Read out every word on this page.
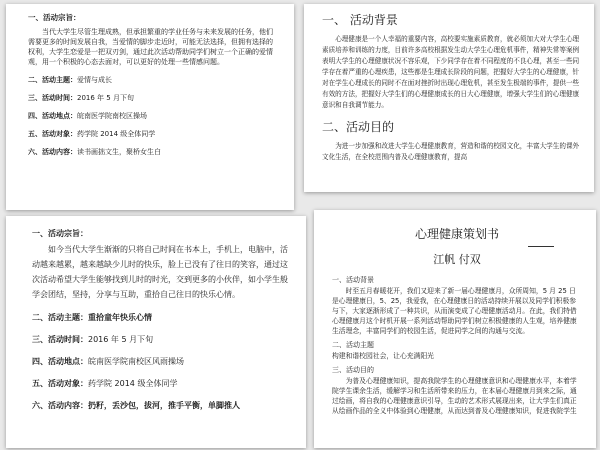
一、活动宗旨：

当代大学生尽管生理成熟，但承担繁重的学业任务与未来发展的任务，他们需要更多的时间发展自我，当爱情的脚步走近时，可能无法选择，但拥有选择的权利，大学生恋爱是一把双刃剑，通过此次活动帮助同学们树立一个正确的爱情观，用一个积极的心态去面对，可以更好的处理一些情感问题。

二、活动主题：爱情与成长

三、活动时间：2016 年 5 月下旬

四、活动地点：皖南医学院南校区操场

五、活动对象：药学院 2014 级全体同学

六、活动内容：读书画拙文生，聚桥女生白

一、 活动背景

心理健康是一个人幸福的重要内容，高校要实施素质教育，就必须加大对大学生心理素质培养和训练的力度，目前许多高校根据发生动大学生心理危机事件，精神失常等案例表明大学生的心理健康状况不容乐观，下少同学存在着不同程度的不良心理，甚至一些同学存在着严重的心理疾患，这些都是生理成长阶段的问题，把握好大学生的心理健康，针对在学生心理成长的同时不在面对挫折时出现心理危机，甚至发生极端的事件，提供一些有效的方法，把握好大学生们的心理健康成长的日大心理健康，增强大学生们的心理健康意识和自我调节能力。

二、活动目的

为进一步加强和改进大学生心理健康教育，营造和谐的校园文化，丰富大学生的课外文化生活，在全校范围内普及心理健康教育，提高

一、活动宗旨：

如今当代大学生渐渐的只将自己时间在书本上，手机上，电脑中，活动越来越累，越来越缺少儿时的快乐，脸上已没有了往日的笑容，通过这次活动希望大学生能够找到儿时的时光，交到更多的小伙伴，如小学生般学会团结，坚持，分享与互助，重拾自己往日的快乐心情。

二、活动主题：重拾童年快乐心情

三、活动时间：2016 年 5 月下旬

四、活动地点：皖南医学院南校区风雨操场

五、活动对象：药学院 2014 级全体同学

六、活动内容：扔籽，丢沙包，拔河，推手平衡，单脚推人

心理健康策划书

江帆 付双

一、活动背景

时至五月春暖花开，我们又迎来了新一届心理健康月，众所周知，5 月 25 日是心理健康日，5、25，我爱我，在心理健康日的活动持续开展以及同学们积极参与下，大家逐渐形成了一种共识，从而演变成了心理健康活动月。在此，我们特借心理健康月这个时机开展一系列活动帮助同学们树立积极健康的人生观，培养健康生活理念，丰富同学们的校园生活，促进同学之间的沟通与交流。

二、活动主题

构建和谐校园社会，让心充满阳光

三、活动目的

为普及心理健康知识，提高我院学生的心理健康意识和心理健康水平，本着学院学生课余生活，缓解学习和生活所带来的压力，在本届心理健康月到来之际，通过绘画，将自我的心理健康意识引导，生动的艺术形式展现出来，让大学生们真正从绘画作品的全义中体验到心理健康，从而达到普及心理健康知识，促进我院学生
